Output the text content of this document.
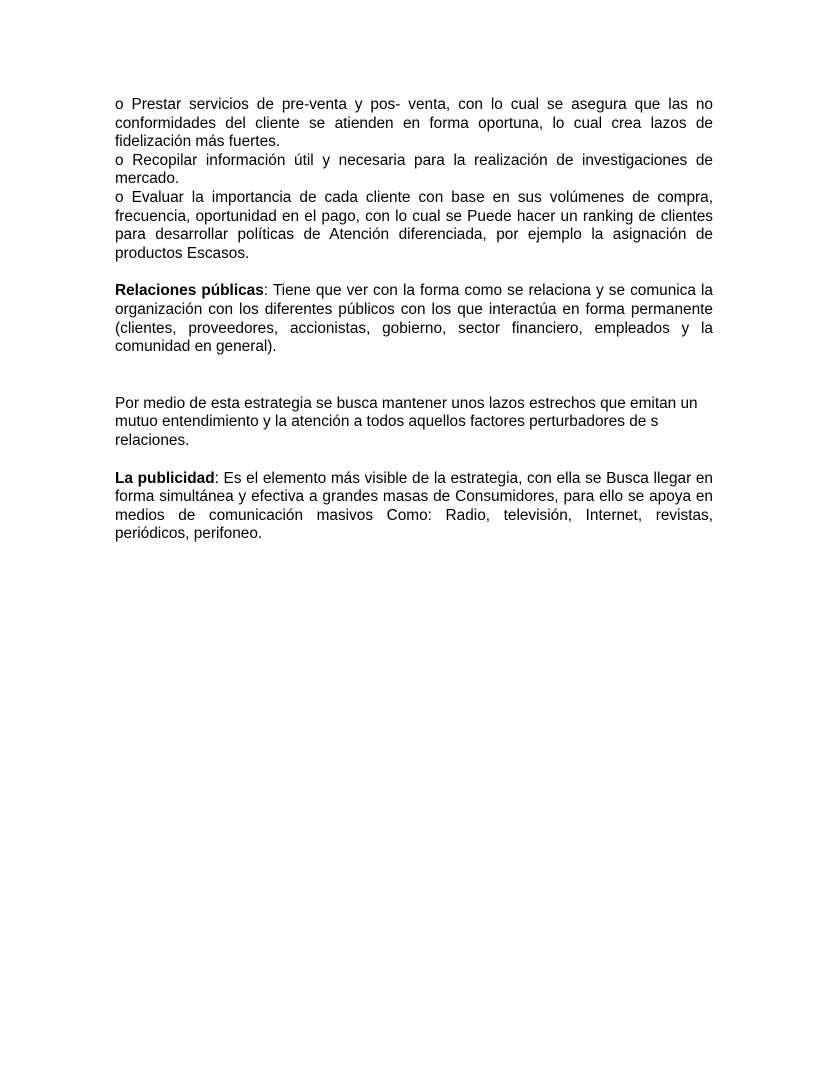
o Prestar servicios de pre-venta y pos- venta, con lo cual se asegura que las no conformidades del cliente se atienden en forma oportuna, lo cual crea lazos de fidelización más fuertes.

o Recopilar información útil y necesaria para la realización de investigaciones de mercado.

o Evaluar la importancia de cada cliente con base en sus volúmenes de compra, frecuencia, oportunidad en el pago, con lo cual se Puede hacer un ranking de clientes para desarrollar políticas de Atención diferenciada, por ejemplo la asignación de productos Escasos.

Relaciones públicas: Tiene que ver con la forma como se relaciona y se comunica la organización con los diferentes públicos con los que interactúa en forma permanente (clientes, proveedores, accionistas, gobierno, sector financiero, empleados y la comunidad en general).

Por medio de esta estrategia se busca mantener unos lazos estrechos que emitan un mutuo entendimiento y la atención a todos aquellos factores perturbadores de s relaciones.

La publicidad: Es el elemento más visible de la estrategia, con ella se Busca llegar en forma simultánea y efectiva a grandes masas de Consumidores, para ello se apoya en medios de comunicación masivos Como: Radio, televisión, Internet, revistas, periódicos, perifoneo.
